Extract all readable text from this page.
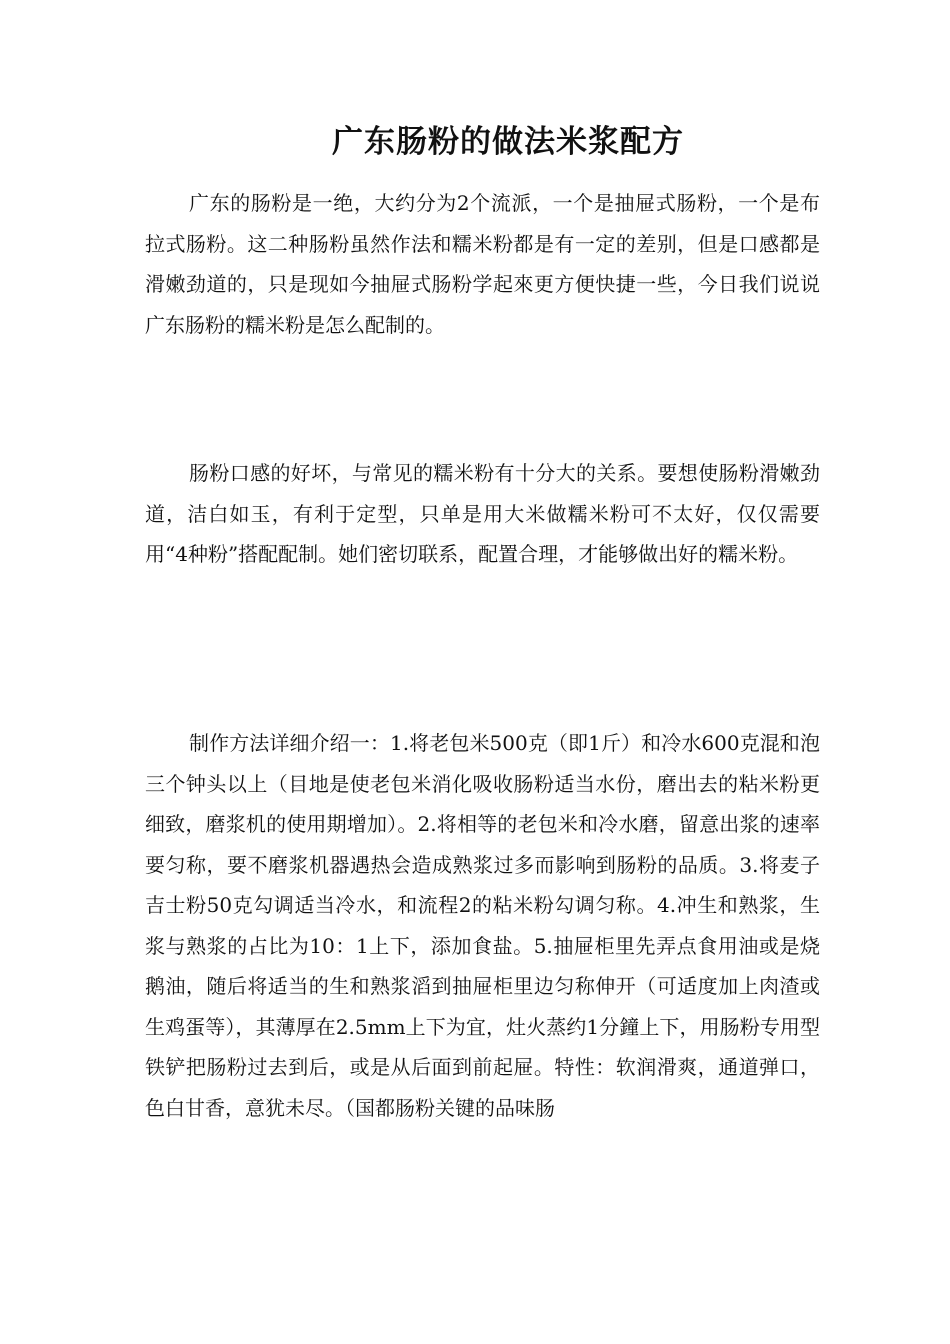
广东肠粉的做法米浆配方

广东的肠粉是一绝，大约分为2个流派，一个是抽屉式肠粉，一个是布拉式肠粉。这二种肠粉虽然作法和糯米粉都是有一定的差别，但是口感都是滑嫩劲道的，只是现如今抽屉式肠粉学起來更方便快捷一些，今日我们说说广东肠粉的糯米粉是怎么配制的。

肠粉口感的好坏，与常见的糯米粉有十分大的关系。要想使肠粉滑嫩劲道，洁白如玉，有利于定型，只单是用大米做糯米粉可不太好，仅仅需要用“4种粉”搭配配制。她们密切联系，配置合理，才能够做出好的糯米粉。

制作方法详细介绍一：1.将老包米500克（即1斤）和冷水600克混和泡三个钟头以上（目地是使老包米消化吸收肠粉适当水份，磨出去的粘米粉更细致，磨浆机的使用期增加）。2.将相等的老包米和冷水磨，留意出浆的速率要匀称，要不磨浆机器遇热会造成熟浆过多而影响到肠粉的品质。3.将麦子吉士粉50克勾调适当冷水，和流程2的粘米粉勾调匀称。4.冲生和熟浆，生浆与熟浆的占比为10：1上下，添加食盐。5.抽屉柜里先弄点食用油或是烧鹅油，随后将适当的生和熟浆滔到抽屉柜里边匀称伸开（可适度加上肉渣或生鸡蛋等），其薄厚在2.5mm上下为宜，灶火蒸约1分鐘上下，用肠粉专用型铁铲把肠粉过去到后，或是从后面到前起屉。特性：软润滑爽，通道弹口，色白甘香，意犹未尽。（国都肠粉关键的品味肠
